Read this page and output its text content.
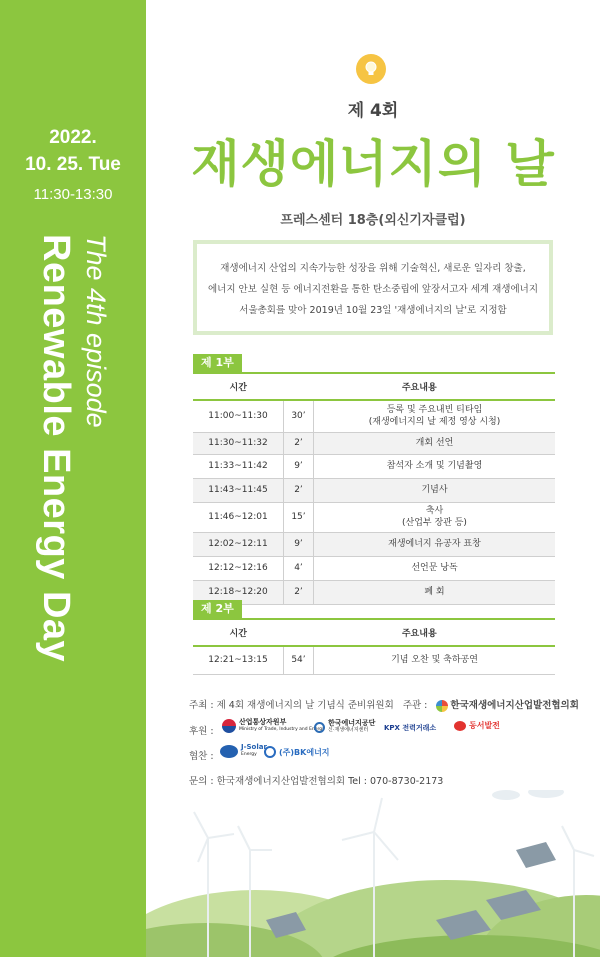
2022.
10. 25. Tue
11:30-13:30
The 4th episode
Renewable Energy Day
제 4회
재생에너지의 날
프레스센터 18층(외신기자클럽)
재생에너지 산업의 지속가능한 성장을 위해 기술혁신, 새로운 일자리 창출,
에너지 안보 실현 등 에너지전환을 통한 탄소중립에 앞장서고자 세계 재생에너지
서울총회를 맞아 2019년 10월 23일 '재생에너지의 날'로 지정함
제 1부
시간	주요내용	
11:00~11:30	30’	등록 및 주요내빈 티타임
(재생에너지의 날 제정 영상 시청)

11:30~11:32	2’	개회 선언
11:33~11:42	9’	참석자 소개 및 기념촬영
11:43~11:45	2’	기념사
11:46~12:01	15’	축사
(산업부 장관 등)

12:02~12:11	9’	재생에너지 유공자 표창
12:12~12:16	4’	선언문 낭독
12:18~12:20	2’	폐 회
제 2부
시간	주요내용	
12:21~13:15	54’	기념 오찬 및 축하공연
주최 : 제 4회 재생에너지의 날 기념식 준비위원회 주관 : 한국재생에너지산업발전협의회
후원 :
산업통상자원부
Ministry of Trade, Industry and Energy
한국에너지공단
신·재생에너지센터	KPX 전력거래소	동서발전
협찬 :
J-Solar
Energy	(주)BK에너지
문의 : 한국재생에너지산업발전협의회 Tel : 070-8730-2173
